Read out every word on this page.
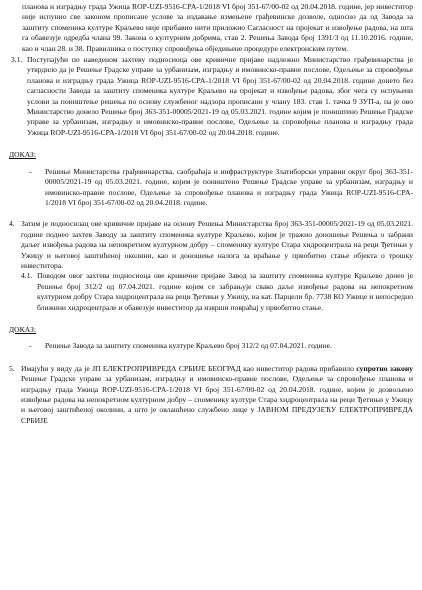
планова и изградњу града Ужица ROP-UZI-9516-CPA-1/2018 VI број 351-67/00-02 од 20.04.2018. године, јер инвеститор није испунио све законом прописане услове за издавање измењене грађевинске дозволе, односно да од Завода за заштиту споменика културе Краљево није прибавио нити приложио Сагласност на пројекат и извођење радова, на шта га обавезује одредба члана 99. Закона о културним добрима, став 2. Решења Завода број 1391/3 од 11.10.2016. године, као и члан 28. и 38. Правилника о поступку спровођења обједињене процедуре електронским путем.

3.1. Поступајући по наведеном захтеву подносиоца ове кривичне пријаве надлежно Министарство грађевинарства је утврдило да је Решење Градске управе за урбанизам, изградњу и имовинско-правне послове, Одељење за спровођење планова и изградњу града Ужица ROP-UZI-9516-CPA-1/2018 VI број 351-67/00-02 од 20.04.2018. године донето без сагласности Завода за заштиту споменика културе Краљево на пројекат и извођење радова, због чега су испуњени услови за поништење решења по основу службеног надзора прописани у члану 183. став 1. тачка 9 ЗУП-а, па је ово Министарство донело Решење број 363-351-00005/2021-19 од 05.03.2021. године којим је поништено Решење Градске управе за урбанизам, изградњу и имовинско-правне послове, Одељење за спровођење планова и изградњу града Ужица ROP-UZI-9516-CPA-1/2018 VI број 351-67/00-02 од 20.04.2018. године.

ДОКАЗ:
-	Решење Министарства грађевинарства, саобраћаја и инфраструктуре Златиборски управни округ број 363-351-00005/2021-19 од 05.03.2021. године, којим је поништено Решење Градске управе за урбанизам, изградњу и имовинско-правне послове, Одељење за спровођење планова и изградњу града Ужица ROP-UZI-9516-CPA-1/2018 VI број 351-67/00-02 од 20.04.2018. године.

4. Затим је подносилац ове кривичне пријаве на основу Решења Министарства број 363-351-00005/2021-19 од 05.03.2021. године поднео захтев Заводу за заштиту споменика културе Краљево, којим је тражио доношење Решења о забрани даљег извођења радова на непокретном културном добру – споменику културе Стара хидроцентрала на реци Ђетињи у Ужицу и његовој заштићеној околини, као и доношење налога за враћање у првобитно стање објекта о трошку инвеститора.

4.1. Поводом овог захтева подносиоца ове кривичне пријаве Завод за заштиту споменика културе Краљево донео је Решење број 312/2 од 07.04.2021. године којим се забрањује свако даље извођење радова на непокретном културном добру Стара хидроцентрала на реци Ђетињи у Ужицу, на кат. Парцели бр. 7738 КО Ужице и непосредно ближини хидроцентрале и обавезује инвеститор да изврши повраћај у првобитно стање.

ДОКАЗ:
-	Решење Завода за заштиту споменика културе Краљево број 312/2 од 07.04.2021. године.

5. Имајући у виду да је ЈП ЕЛЕКТРОПРИВРЕДА СРБИЈЕ БЕОГРАД као инвеститор радова прибавило супротно закону Решење Градске управе за урбанизам, изградњу и имовинско-правне послове, Одељење за спровођење планова и изградњу града Ужица ROP-UZI-9516-CPA-1/2018 VI број 351-67/00-02 од 20.04.2018. године, којим је дозвољено извођење радова на непокретном културном добру – споменику културе Стара хидроцентрала на реци Ђетињи у Ужицу и његовој заштићеној околини, а што је овлашћено службено лице у ЈАВНОМ ПРЕДУЗЕЋУ ЕЛЕКТРОПРИВРЕДА СРБИЈЕ
